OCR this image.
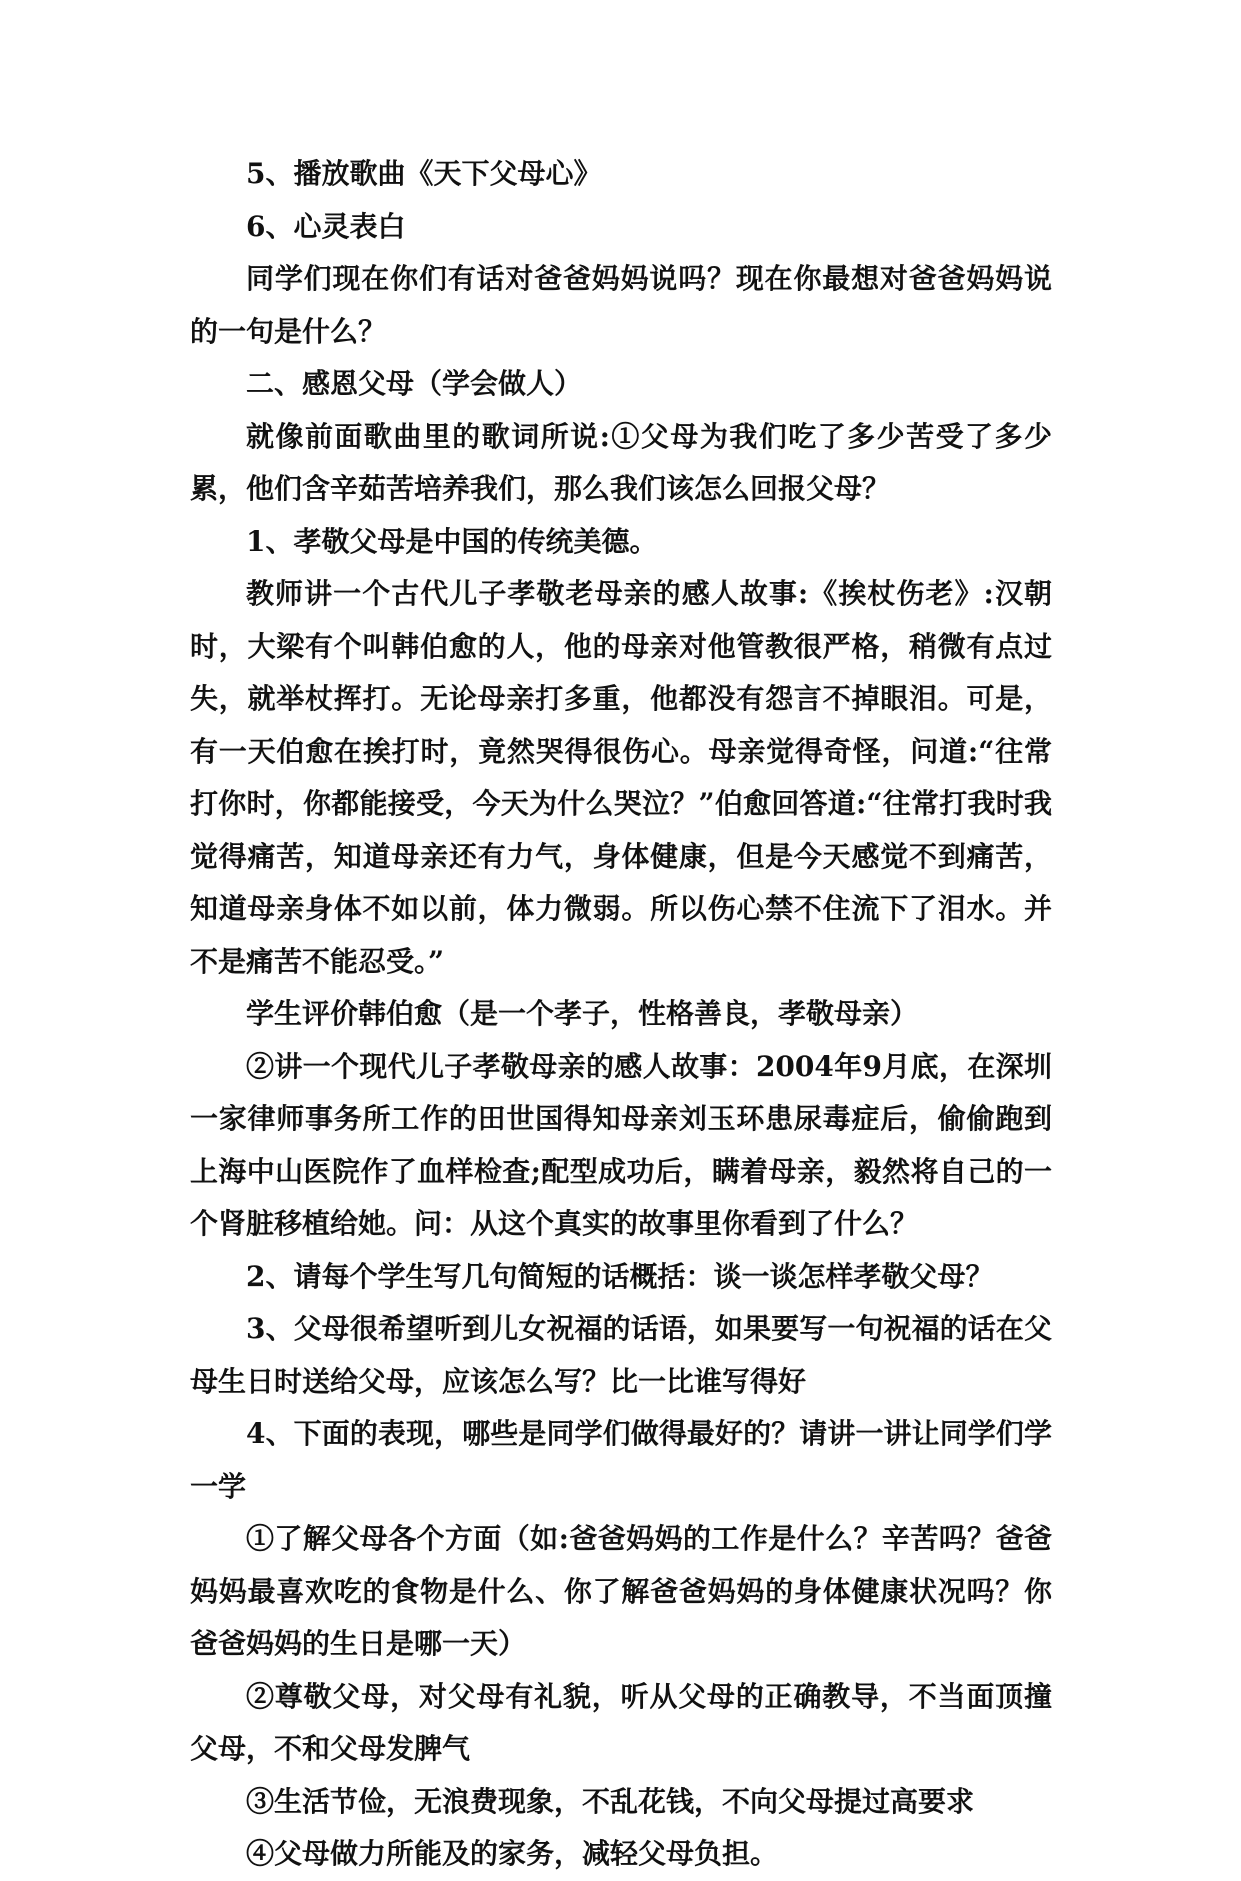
5、播放歌曲《天下父母心》

6、心灵表白

同学们现在你们有话对爸爸妈妈说吗？现在你最想对爸爸妈妈说的一句是什么？

二、感恩父母（学会做人）

就像前面歌曲里的歌词所说:①父母为我们吃了多少苦受了多少累，他们含辛茹苦培养我们，那么我们该怎么回报父母？

1、孝敬父母是中国的传统美德。

教师讲一个古代儿子孝敬老母亲的感人故事:《挨杖伤老》:汉朝时，大梁有个叫韩伯愈的人，他的母亲对他管教很严格，稍微有点过失，就举杖挥打。无论母亲打多重，他都没有怨言不掉眼泪。可是，有一天伯愈在挨打时，竟然哭得很伤心。母亲觉得奇怪，问道:“往常打你时，你都能接受，今天为什么哭泣？”伯愈回答道:“往常打我时我觉得痛苦，知道母亲还有力气，身体健康，但是今天感觉不到痛苦，知道母亲身体不如以前，体力微弱。所以伤心禁不住流下了泪水。并不是痛苦不能忍受。”

学生评价韩伯愈（是一个孝子，性格善良，孝敬母亲）

②讲一个现代儿子孝敬母亲的感人故事：2004年9月底，在深圳一家律师事务所工作的田世国得知母亲刘玉环患尿毒症后，偷偷跑到上海中山医院作了血样检查;配型成功后，瞒着母亲，毅然将自己的一个肾脏移植给她。问：从这个真实的故事里你看到了什么？

2、请每个学生写几句简短的话概括：谈一谈怎样孝敬父母？

3、父母很希望听到儿女祝福的话语，如果要写一句祝福的话在父母生日时送给父母，应该怎么写？比一比谁写得好

4、下面的表现，哪些是同学们做得最好的？请讲一讲让同学们学一学

①了解父母各个方面（如:爸爸妈妈的工作是什么？辛苦吗？爸爸妈妈最喜欢吃的食物是什么、你了解爸爸妈妈的身体健康状况吗？你爸爸妈妈的生日是哪一天）

②尊敬父母，对父母有礼貌，听从父母的正确教导，不当面顶撞父母，不和父母发脾气

③生活节俭，无浪费现象，不乱花钱，不向父母提过高要求

④父母做力所能及的家务，减轻父母负担。
